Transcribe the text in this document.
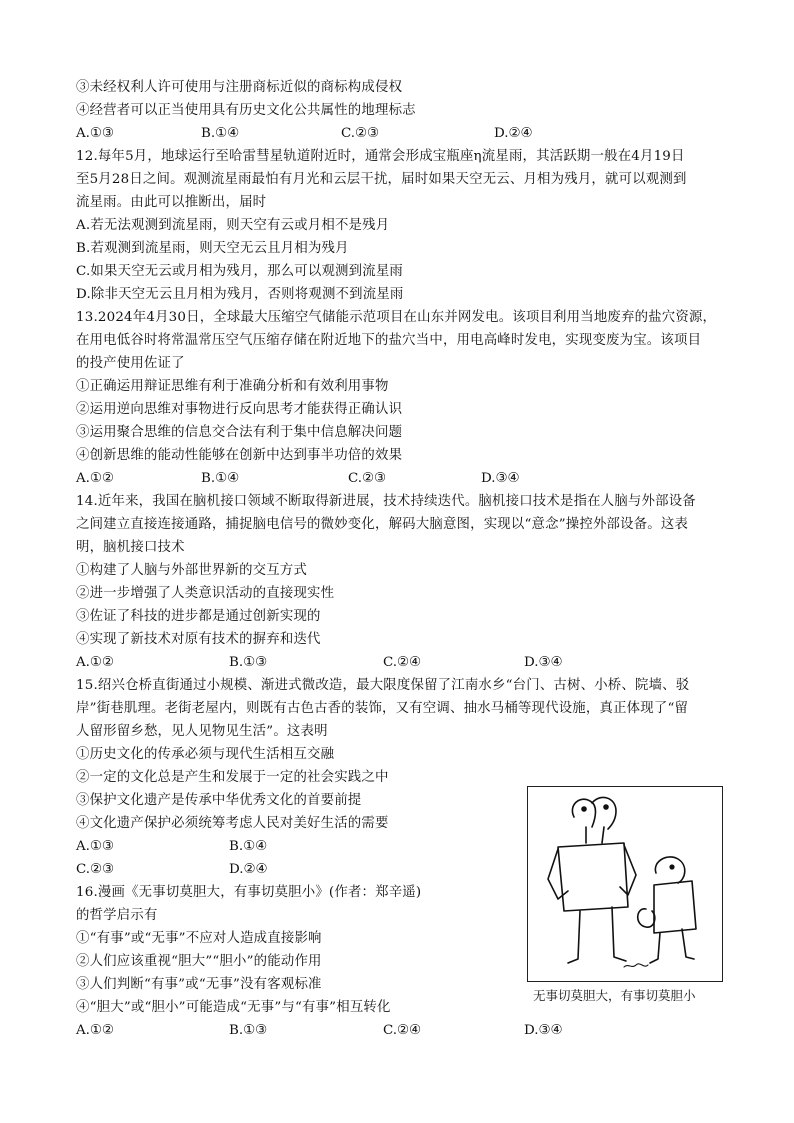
③未经权利人许可使用与注册商标近似的商标构成侵权
④经营者可以正当使用具有历史文化公共属性的地理标志
A.①③	B.①④	C.②③	D.②④
12.每年5月，地球运行至哈雷彗星轨道附近时，通常会形成宝瓶座η流星雨，其活跃期一般在4月19日
至5月28日之间。观测流星雨最怕有月光和云层干扰，届时如果天空无云、月相为残月，就可以观测到
流星雨。由此可以推断出，届时
A.若无法观测到流星雨，则天空有云或月相不是残月
B.若观测到流星雨，则天空无云且月相为残月
C.如果天空无云或月相为残月，那么可以观测到流星雨
D.除非天空无云且月相为残月，否则将观测不到流星雨
13.2024年4月30日，全球最大压缩空气储能示范项目在山东并网发电。该项目利用当地废弃的盐穴资源，
在用电低谷时将常温常压空气压缩存储在附近地下的盐穴当中，用电高峰时发电，实现变废为宝。该项目
的投产使用佐证了
①正确运用辩证思维有利于准确分析和有效利用事物
②运用逆向思维对事物进行反向思考才能获得正确认识
③运用聚合思维的信息交合法有利于集中信息解决问题
④创新思维的能动性能够在创新中达到事半功倍的效果
A.①②	B.①④	C.②③	D.③④
14.近年来，我国在脑机接口领域不断取得新进展，技术持续迭代。脑机接口技术是指在人脑与外部设备
之间建立直接连接通路，捕捉脑电信号的微妙变化，解码大脑意图，实现以“意念”操控外部设备。这表
明，脑机接口技术
①构建了人脑与外部世界新的交互方式
②进一步增强了人类意识活动的直接现实性
③佐证了科技的进步都是通过创新实现的
④实现了新技术对原有技术的摒弃和迭代
A.①②	B.①③	C.②④	D.③④
15.绍兴仓桥直街通过小规模、渐进式微改造，最大限度保留了江南水乡“台门、古树、小桥、院墙、驳
岸”街巷肌理。老街老屋内，则既有古色古香的装饰，又有空调、抽水马桶等现代设施，真正体现了“留
人留形留乡愁，见人见物见生活”。这表明
①历史文化的传承必须与现代生活相互交融
②一定的文化总是产生和发展于一定的社会实践之中
③保护文化遗产是传承中华优秀文化的首要前提
④文化遗产保护必须统筹考虑人民对美好生活的需要
A.①③	B.①④
C.②③	D.②④
16.漫画《无事切莫胆大，有事切莫胆小》(作者：郑辛遥)
的哲学启示有
①“有事”或“无事”不应对人造成直接影响
②人们应该重视“胆大”“胆小”的能动作用
③人们判断“有事”或“无事”没有客观标准
④“胆大”或“胆小”可能造成“无事”与“有事”相互转化
A.①②	B.①③	C.②④	D.③④
无事切莫胆大，有事切莫胆小
